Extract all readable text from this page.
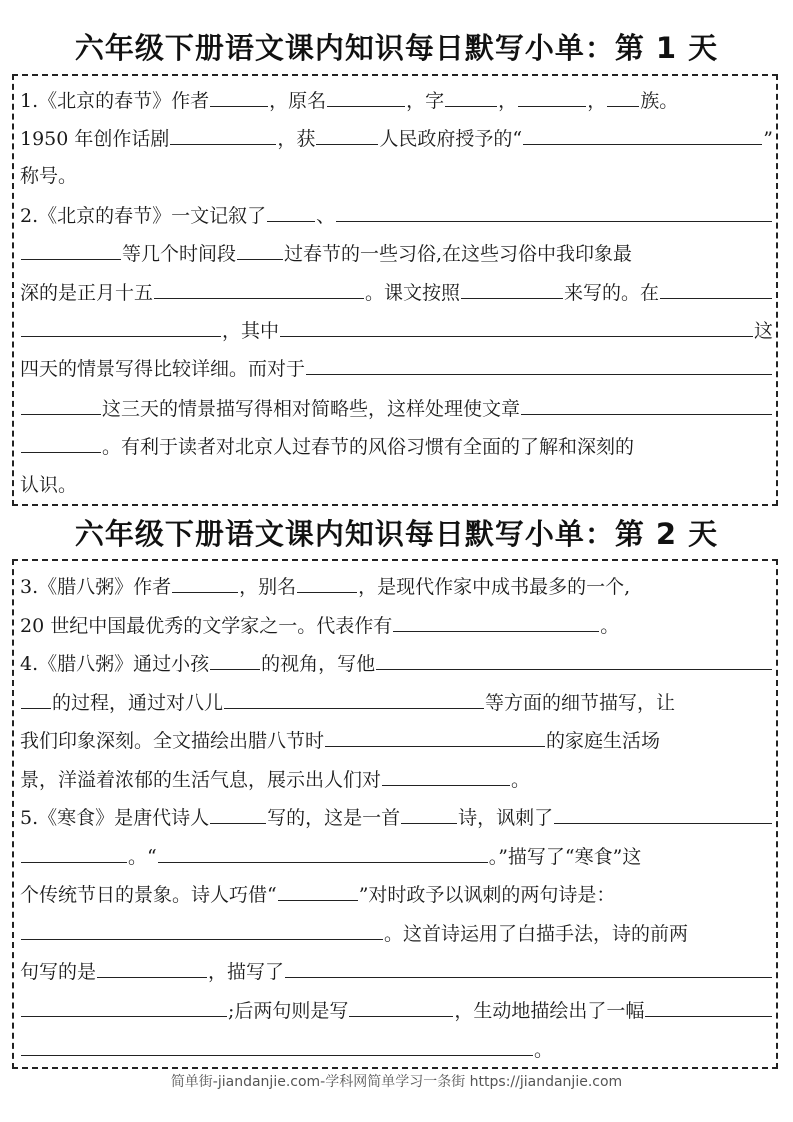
六年级下册语文课内知识每日默写小单：第 1 天
1.《北京的春节》作者	，原名	，字	，	， 族。
1950 年创作话剧	，获	人民政府授予的“	”
称号。
2.《北京的春节》一文记叙了	、
等几个时间段	过春节的一些习俗,在这些习俗中我印象最
深的是正月十五	。课文按照	来写的。在
，其中	这
四天的情景写得比较详细。而对于
这三天的情景描写得相对简略些，这样处理使文章
。有利于读者对北京人过春节的风俗习惯有全面的了解和深刻的
认识。
六年级下册语文课内知识每日默写小单：第 2 天
3.《腊八粥》作者	，别名	，是现代作家中成书最多的一个,
20 世纪中国最优秀的文学家之一。代表作有	。
4.《腊八粥》通过小孩	的视角，写他
的过程，通过对八儿	等方面的细节描写，让
我们印象深刻。全文描绘出腊八节时	的家庭生活场
景，洋溢着浓郁的生活气息，展示出人们对	。
5.《寒食》是唐代诗人	写的，这是一首	诗，讽刺了
。“	。”描写了“寒食”这
个传统节日的景象。诗人巧借“	”对时政予以讽刺的两句诗是：
。这首诗运用了白描手法，诗的前两
句写的是	，描写了
;后两句则是写	，生动地描绘出了一幅
。
简单街-jiandanjie.com-学科网简单学习一条街 https://jiandanjie.com
